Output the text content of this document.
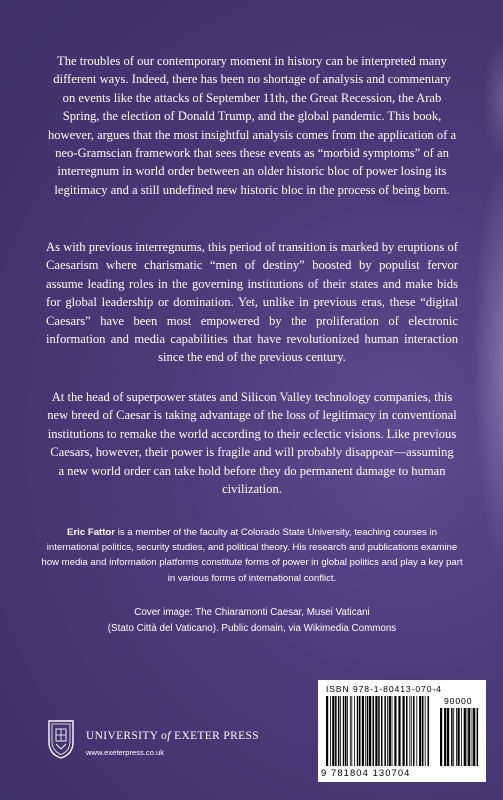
The troubles of our contemporary moment in history can be interpreted many different ways. Indeed, there has been no shortage of analysis and commentary on events like the attacks of September 11th, the Great Recession, the Arab Spring, the election of Donald Trump, and the global pandemic. This book, however, argues that the most insightful analysis comes from the application of a neo-Gramscian framework that sees these events as “morbid symptoms” of an interregnum in world order between an older historic bloc of power losing its legitimacy and a still undefined new historic bloc in the process of being born.

As with previous interregnums, this period of transition is marked by eruptions of Caesarism where charismatic “men of destiny” boosted by populist fervor assume leading roles in the governing institutions of their states and make bids for global leadership or domination. Yet, unlike in previous eras, these “digital Caesars” have been most empowered by the proliferation of electronic information and media capabilities that have revolutionized human interaction since the end of the previous century.

At the head of superpower states and Silicon Valley technology companies, this new breed of Caesar is taking advantage of the loss of legitimacy in conventional institutions to remake the world according to their eclectic visions. Like previous Caesars, however, their power is fragile and will probably disappear—assuming a new world order can take hold before they do permanent damage to human civilization.

Eric Fattor is a member of the faculty at Colorado State University, teaching courses in international politics, security studies, and political theory. His research and publications examine how media and information platforms constitute forms of power in global politics and play a key part in various forms of international conflict.

Cover image: The Chiaramonti Caesar, Musei Vaticani
(Stato Città del Vaticano). Public domain, via Wikimedia Commons
UNIVERSITY of EXETER PRESS
www.exeterpress.co.uk
ISBN 978-1-80413-070-4
90000
9 781804 130704
